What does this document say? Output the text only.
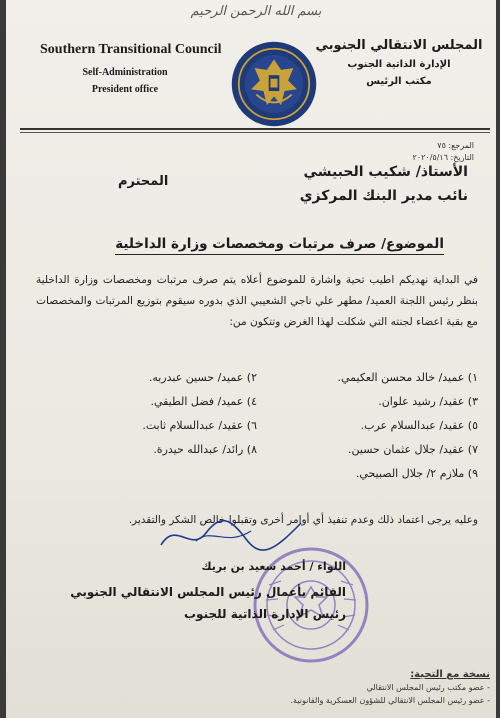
بسم الله الرحمن الرحيم
Southern Transitional Council
Self-Administration
President office
المجلس الانتقالي الجنوبي
الإدارة الذاتية الجنوب
مكتب الرئيس
المرجع: ٧٥
التاريخ: ٢٠٢٠/٥/١٦
الأستاذ/ شكيب الحبيشي
نائب مدير البنك المركزي
المحترم
الموضوع/ صرف مرتبات ومخصصات وزارة الداخلية
في البداية نهديكم اطيب تحية واشارة للموضوع أعلاه يتم صرف مرتبات ومخصصات وزارة الداخلية بنظر رئيس اللجنة العميد/ مطهر علي ناجي الشعيبي الذي بدوره سيقوم بتوزيع المرتبات والمخصصات مع بقية اعضاء لجنته التي شكلت لهذا الغرض وتتكون من:
١) عميد/ خالد محسن العكيمي.
٢) عميد/ حسين عبدربه.
٣) عقيد/ رشيد علوان.
٤) عميد/ فضل الطيقي.
٥) عقيد/ عبدالسلام عرب.
٦) عقيد/ عبدالسلام ثابت.
٧) عقيد/ جلال عثمان حسين.
٨) رائد/ عبدالله حيدرة.
٩) ملازم ٢/ جلال الصبيحي.
وعليه يرجى اعتماد ذلك وعدم تنفيذ أي أوامر أخرى وتقبلوا خالص الشكر والتقدير.
اللواء / أحمد سعيد بن بريك
القائم بأعمال رئيس المجلس الانتقالي الجنوبي
رئيس الإدارة الذاتية للجنوب
نسخة مع التحية:
- عضو مكتب رئيس المجلس الانتقالي
- عضو رئيس المجلس الانتقالي للشؤون العسكرية والقانونية.
